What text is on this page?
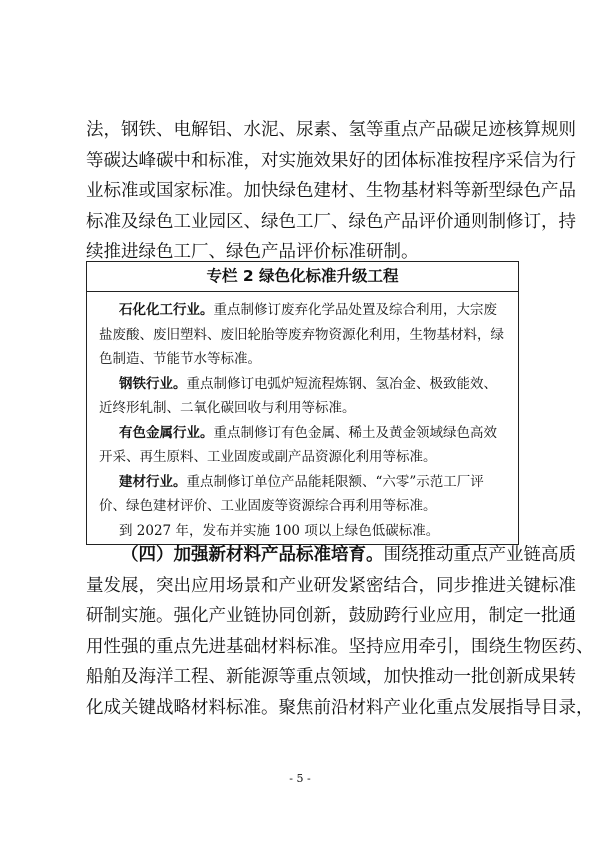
法，钢铁、电解铝、水泥、尿素、氢等重点产品碳足迹核算规则
等碳达峰碳中和标准，对实施效果好的团体标准按程序采信为行
业标准或国家标准。加快绿色建材、生物基材料等新型绿色产品
标准及绿色工业园区、绿色工厂、绿色产品评价通则制修订，持
续推进绿色工厂、绿色产品评价标准研制。
专栏 2 绿色化标准升级工程
石化化工行业。重点制修订废弃化学品处置及综合利用，大宗废
盐废酸、废旧塑料、废旧轮胎等废弃物资源化利用，生物基材料，绿
色制造、节能节水等标准。
钢铁行业。重点制修订电弧炉短流程炼钢、氢冶金、极致能效、
近终形轧制、二氧化碳回收与利用等标准。
有色金属行业。重点制修订有色金属、稀土及黄金领域绿色高效
开采、再生原料、工业固废或副产品资源化利用等标准。
建材行业。重点制修订单位产品能耗限额、“六零”示范工厂评
价、绿色建材评价、工业固废等资源综合再利用等标准。
到 2027 年，发布并实施 100 项以上绿色低碳标准。
（四）加强新材料产品标准培育。围绕推动重点产业链高质
量发展，突出应用场景和产业研发紧密结合，同步推进关键标准
研制实施。强化产业链协同创新，鼓励跨行业应用，制定一批通
用性强的重点先进基础材料标准。坚持应用牵引，围绕生物医药、
船舶及海洋工程、新能源等重点领域，加快推动一批创新成果转
化成关键战略材料标准。聚焦前沿材料产业化重点发展指导目录，
- 5 -
